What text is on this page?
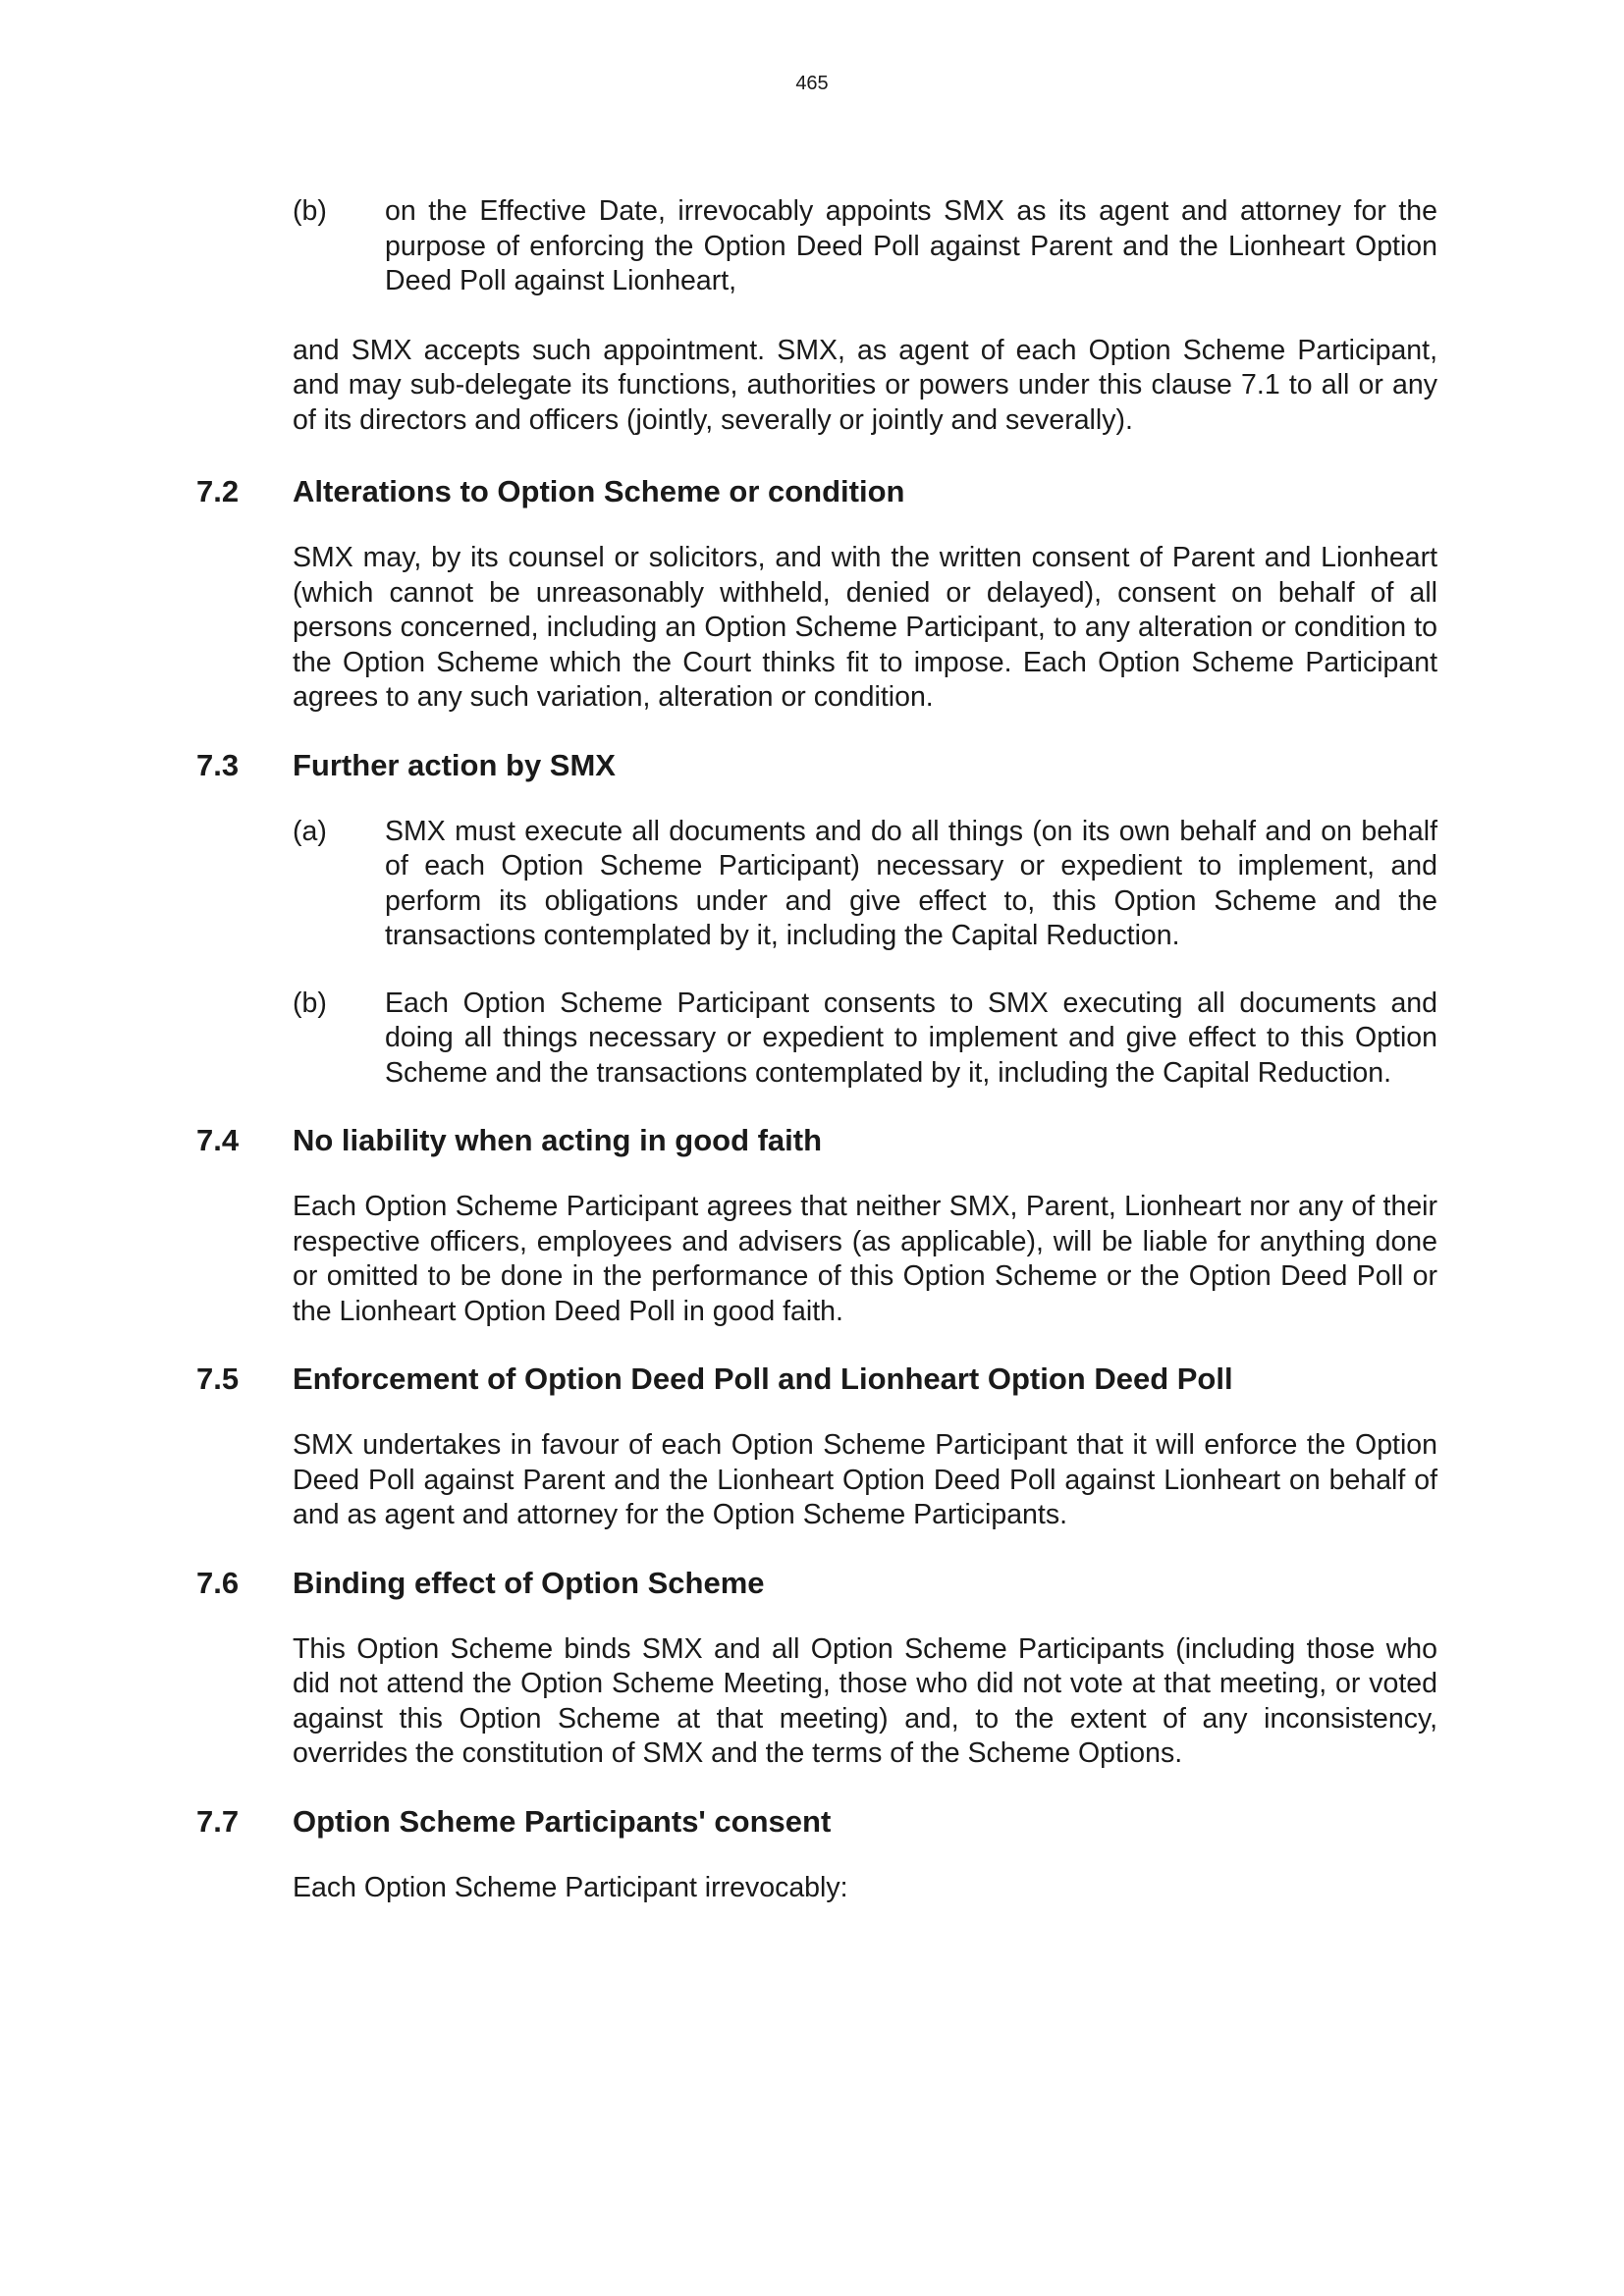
465
(b) on the Effective Date, irrevocably appoints SMX as its agent and attorney for the purpose of enforcing the Option Deed Poll against Parent and the Lionheart Option Deed Poll against Lionheart,

and SMX accepts such appointment. SMX, as agent of each Option Scheme Participant, and may sub-delegate its functions, authorities or powers under this clause 7.1 to all or any of its directors and officers (jointly, severally or jointly and severally).

7.2 Alterations to Option Scheme or condition

SMX may, by its counsel or solicitors, and with the written consent of Parent and Lionheart (which cannot be unreasonably withheld, denied or delayed), consent on behalf of all persons concerned, including an Option Scheme Participant, to any alteration or condition to the Option Scheme which the Court thinks fit to impose. Each Option Scheme Participant agrees to any such variation, alteration or condition.

7.3 Further action by SMX
(a) SMX must execute all documents and do all things (on its own behalf and on behalf of each Option Scheme Participant) necessary or expedient to implement, and perform its obligations under and give effect to, this Option Scheme and the transactions contemplated by it, including the Capital Reduction.

(b) Each Option Scheme Participant consents to SMX executing all documents and doing all things necessary or expedient to implement and give effect to this Option Scheme and the transactions contemplated by it, including the Capital Reduction.

7.4 No liability when acting in good faith

Each Option Scheme Participant agrees that neither SMX, Parent, Lionheart nor any of their respective officers, employees and advisers (as applicable), will be liable for anything done or omitted to be done in the performance of this Option Scheme or the Option Deed Poll or the Lionheart Option Deed Poll in good faith.

7.5 Enforcement of Option Deed Poll and Lionheart Option Deed Poll

SMX undertakes in favour of each Option Scheme Participant that it will enforce the Option Deed Poll against Parent and the Lionheart Option Deed Poll against Lionheart on behalf of and as agent and attorney for the Option Scheme Participants.

7.6 Binding effect of Option Scheme

This Option Scheme binds SMX and all Option Scheme Participants (including those who did not attend the Option Scheme Meeting, those who did not vote at that meeting, or voted against this Option Scheme at that meeting) and, to the extent of any inconsistency, overrides the constitution of SMX and the terms of the Scheme Options.

7.7 Option Scheme Participants' consent

Each Option Scheme Participant irrevocably:
